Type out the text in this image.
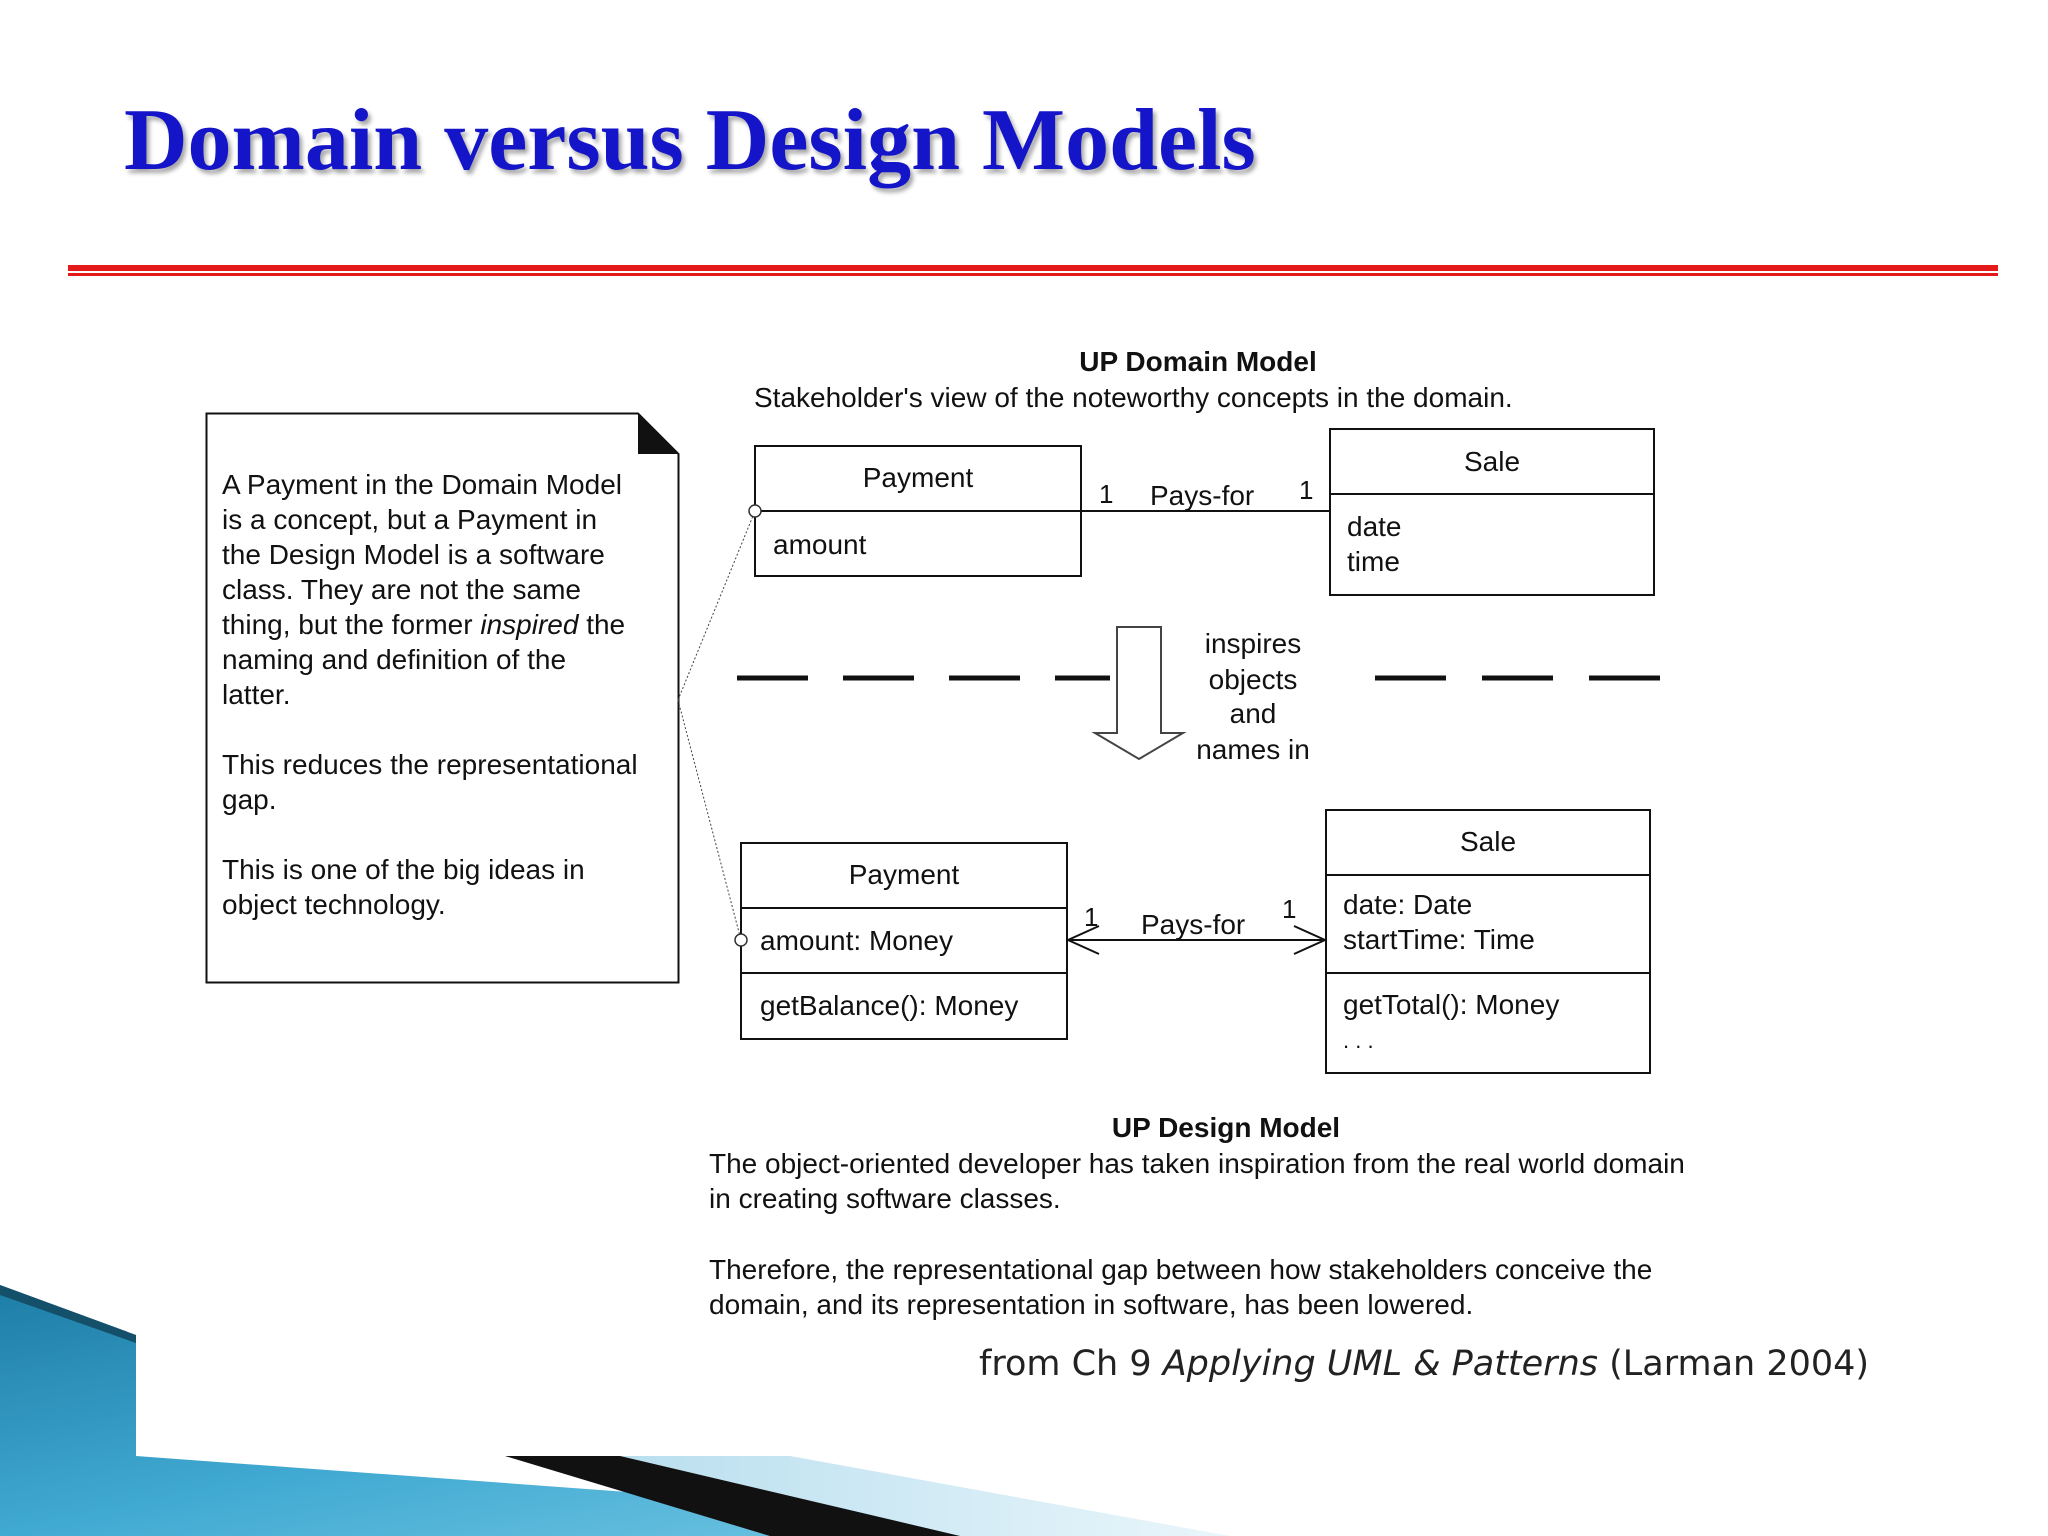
Domain versus Design Models
A Payment in the Domain Model
is a concept, but a Payment in
the Design Model is a software
class. They are not the same
thing, but the former inspired the
naming and definition of the
latter.
This reduces the representational
gap.
This is one of the big ideas in
object technology.
UP Domain Model
Stakeholder's view of the noteworthy concepts in the domain.
Payment
amount
Sale
date
time
1 Pays-for 1
inspires
objects
and
names in
Payment
amount: Money
getBalance(): Money
Sale
date: Date
startTime: Time
getTotal(): Money
. . .
1 Pays-for 1
UP Design Model
The object-oriented developer has taken inspiration from the real world domain
in creating software classes.
Therefore, the representational gap between how stakeholders conceive the
domain, and its representation in software, has been lowered.
from Ch 9 Applying UML & Patterns (Larman 2004)
